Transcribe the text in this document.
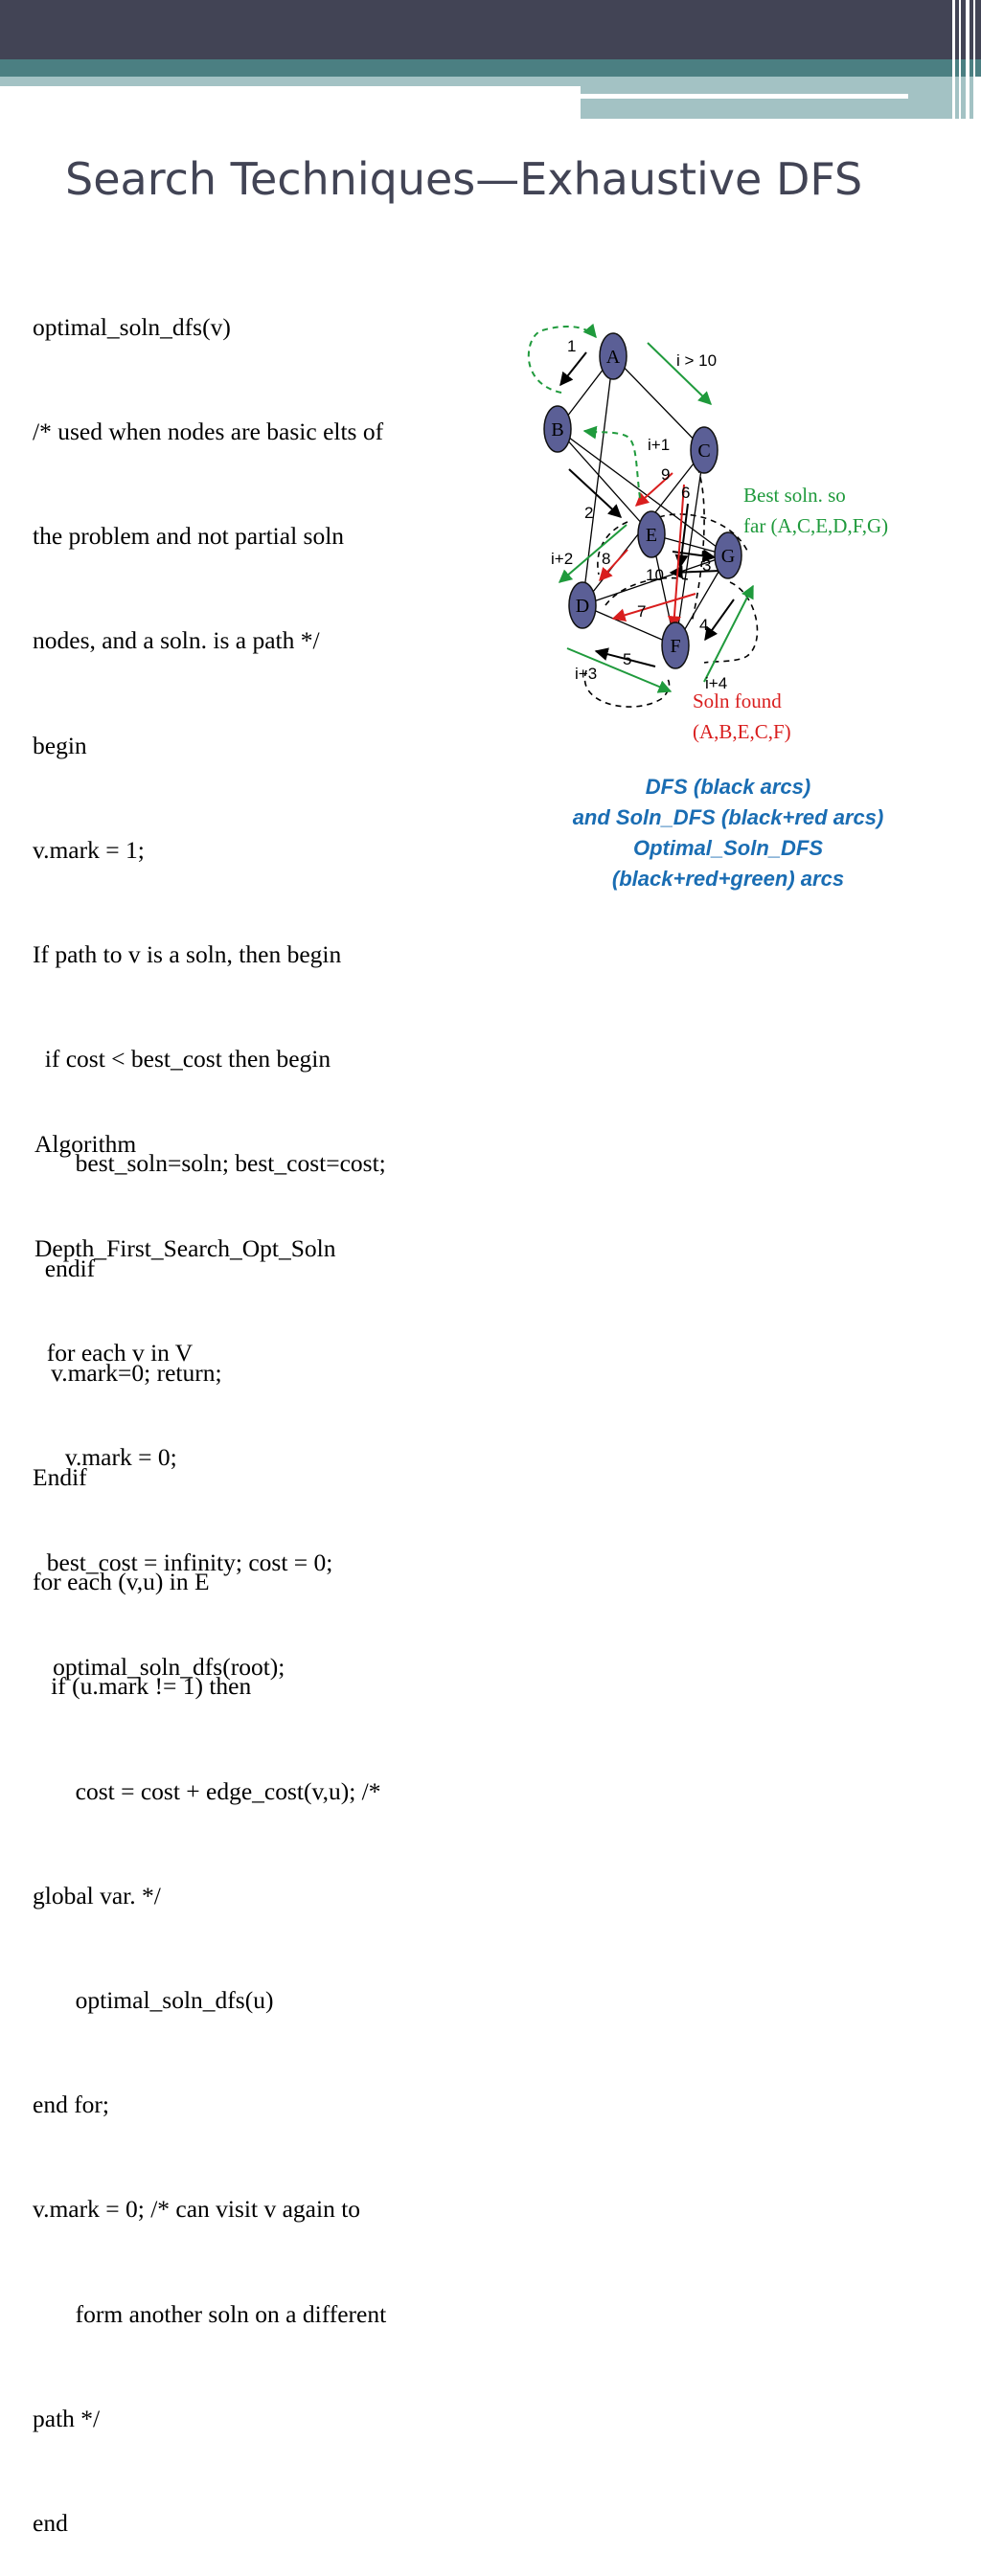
Search Techniques—Exhaustive DFS

optimal_soln_dfs(v)

/* used when nodes are basic elts of

the problem and not partial soln

nodes, and a soln. is a path */

begin

v.mark = 1;

If path to v is a soln, then begin

if cost < best_cost then begin

best_soln=soln; best_cost=cost;

endif

v.mark=0; return;

Endif

for each (v,u) in E

if (u.mark != 1) then

cost = cost + edge_cost(v,u); /*

global var. */

optimal_soln_dfs(u)

end for;

v.mark = 0; /* can visit v again to

form another soln on a different

path */

end

Algorithm

Depth_First_Search_Opt_Soln

for each v in V

v.mark = 0;

best_cost = infinity; cost = 0;

optimal_soln_dfs(root);

A
B
C
D
E
F
G
1
2
3
4
5
6
7
8
9
10
i > 10
i+1
i+2
i+3
i+4
Best soln. so
far (A,C,E,D,F,G)
Soln found
(A,B,E,C,F)
DFS (black arcs)
and Soln_DFS (black+red arcs)
Optimal_Soln_DFS
(black+red+green) arcs
